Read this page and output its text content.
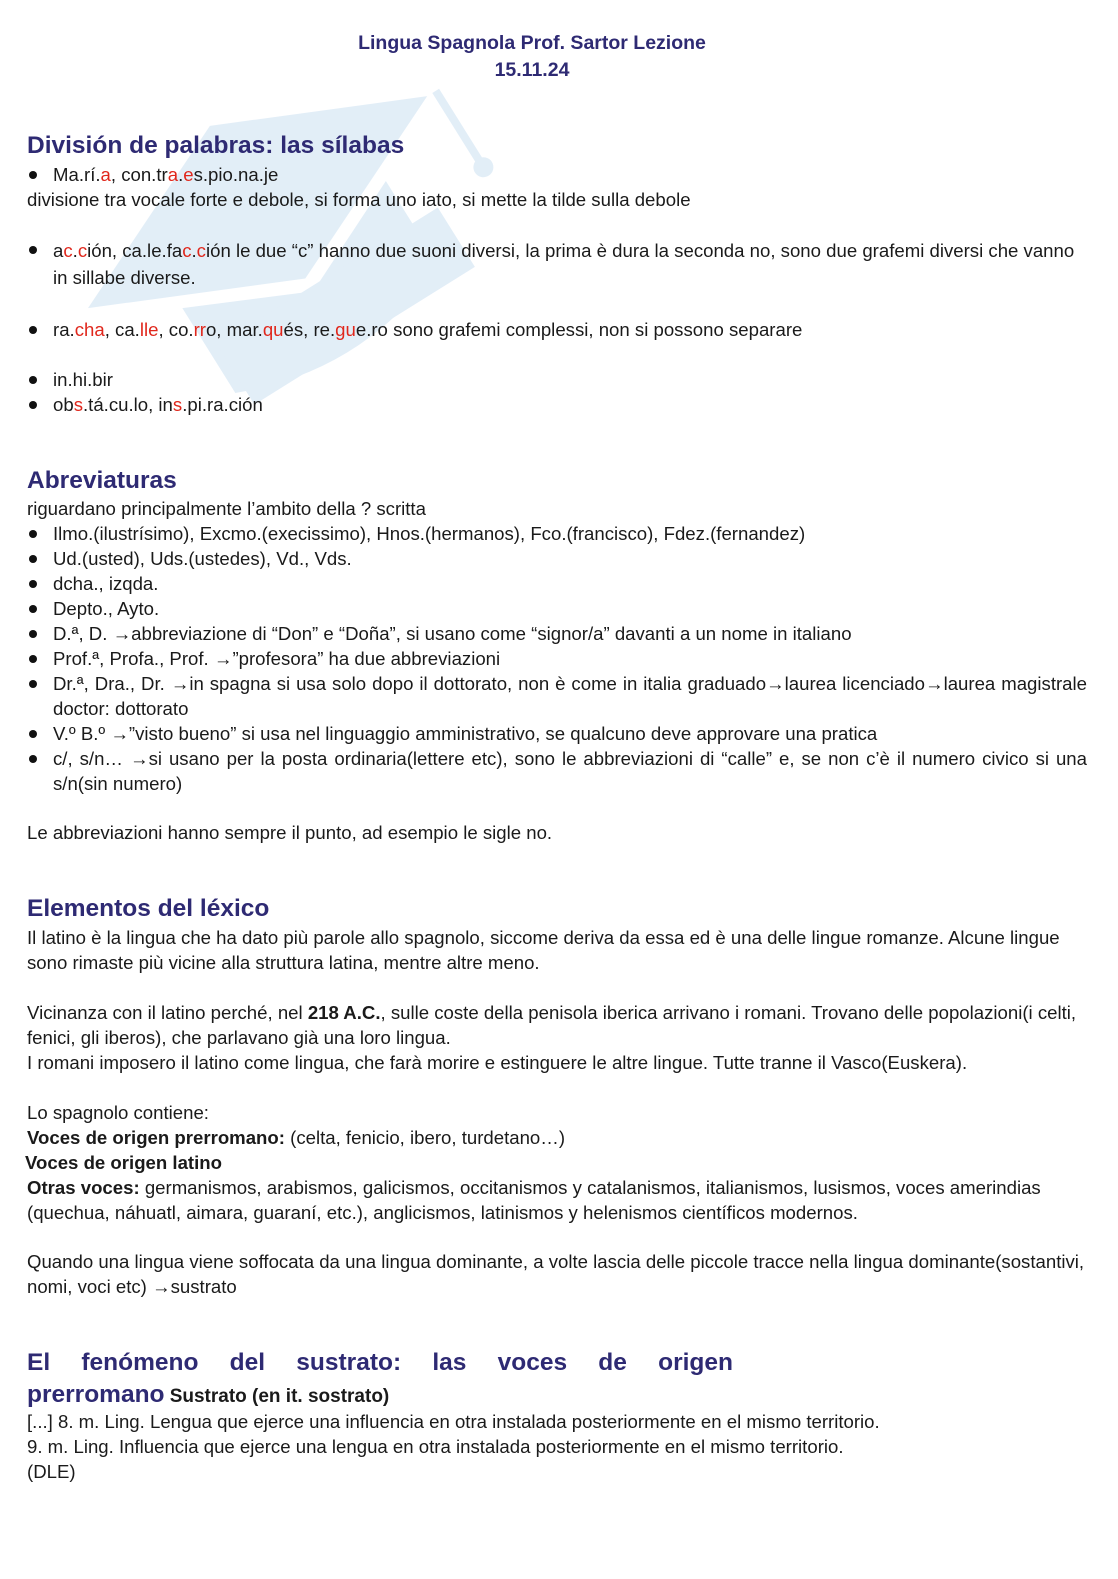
Lingua Spagnola Prof. Sartor Lezione
15.11.24
División de palabras: las sílabas
Ma.rí.a, con.tra.es.pio.na.je
divisione tra vocale forte e debole, si forma uno iato, si mette la tilde sulla debole
ac.ción, ca.le.fac.ción le due “c” hanno due suoni diversi, la prima è dura la seconda no, sono due grafemi diversi che vanno in sillabe diverse.
ra.cha, ca.lle, co.rro, mar.qués, re.gue.ro sono grafemi complessi, non si possono separare
in.hi.bir
obs.tá.cu.lo, ins.pi.ra.ción
Abreviaturas
riguardano principalmente l’ambito della ? scritta
Ilmo.(ilustrísimo), Excmo.(execissimo), Hnos.(hermanos), Fco.(francisco), Fdez.(fernandez)
Ud.(usted), Uds.(ustedes), Vd., Vds.
dcha., izqda.
Depto., Ayto.
D.ª, D. →abbreviazione di “Don” e “Doña”, si usano come “signor/a” davanti a un nome in italiano
Prof.ª, Profa., Prof. →”profesora” ha due abbreviazioni
Dr.ª, Dra., Dr. →in spagna si usa solo dopo il dottorato, non è come in italia graduado→laurea licenciado→laurea magistrale doctor: dottorato
V.º B.º →”visto bueno” si usa nel linguaggio amministrativo, se qualcuno deve approvare una pratica
c/, s/n… →si usano per la posta ordinaria(lettere etc), sono le abbreviazioni di “calle” e, se non c’è il numero civico si una s/n(sin numero)
Le abbreviazioni hanno sempre il punto, ad esempio le sigle no.
Elementos del léxico
Il latino è la lingua che ha dato più parole allo spagnolo, siccome deriva da essa ed è una delle lingue romanze. Alcune lingue sono rimaste più vicine alla struttura latina, mentre altre meno.
Vicinanza con il latino perché, nel 218 A.C., sulle coste della penisola iberica arrivano i romani. Trovano delle popolazioni(i celti, fenici, gli iberos), che parlavano già una loro lingua.
I romani imposero il latino come lingua, che farà morire e estinguere le altre lingue. Tutte tranne il Vasco(Euskera).
Lo spagnolo contiene:
Voces de origen prerromano: (celta, fenicio, ibero, turdetano…)
Voces de origen latino
Otras voces: germanismos, arabismos, galicismos, occitanismos y catalanismos, italianismos, lusismos, voces amerindias (quechua, náhuatl, aimara, guaraní, etc.), anglicismos, latinismos y helenismos científicos modernos.
Quando una lingua viene soffocata da una lingua dominante, a volte lascia delle piccole tracce nella lingua dominante(sostantivi, nomi, voci etc) →sustrato
El fenómeno del sustrato: las voces de origen
prerromano Sustrato (en it. sostrato)
[...] 8. m. Ling. Lengua que ejerce una influencia en otra instalada posteriormente en el mismo territorio.
9. m. Ling. Influencia que ejerce una lengua en otra instalada posteriormente en el mismo territorio.
(DLE)
